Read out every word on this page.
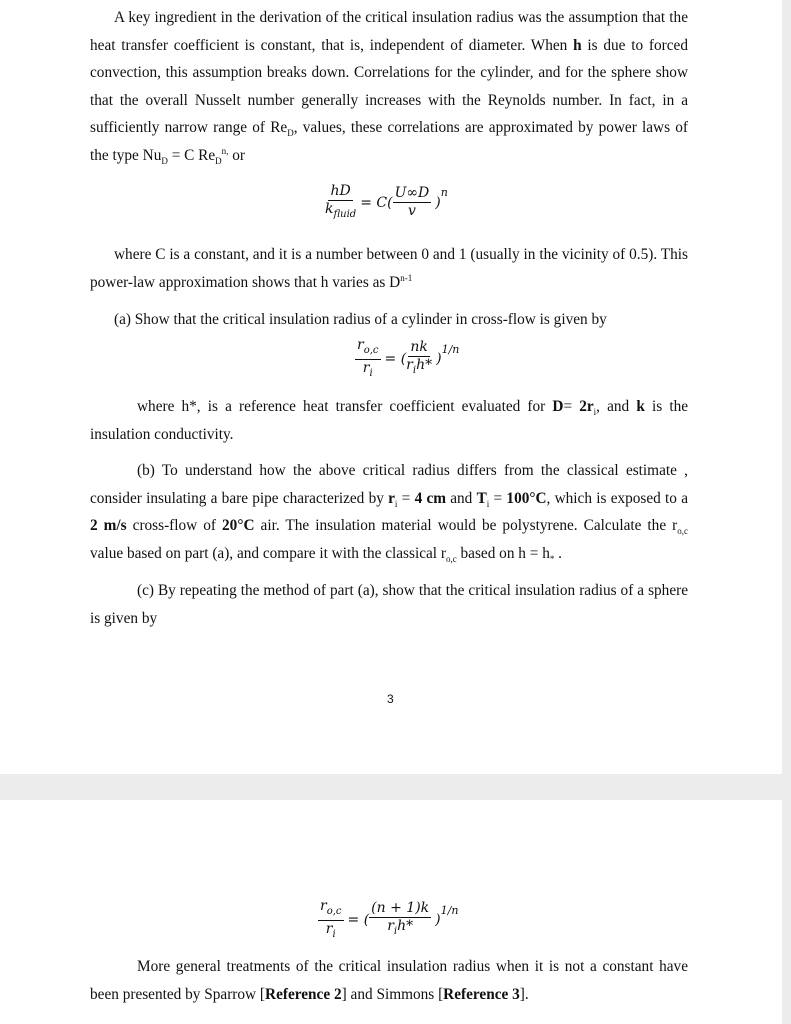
A key ingredient in the derivation of the critical insulation radius was the assumption that the heat transfer coefficient is constant, that is, independent of diameter. When h is due to forced convection, this assumption breaks down. Correlations for the cylinder, and for the sphere show that the overall Nusselt number generally increases with the Reynolds number. In fact, in a sufficiently narrow range of $Re_D$, values, these correlations are approximated by power laws of the type $Nu_D = C$ $Re_D^{n,}$ or

$\frac{hD}{k_{fluid}} = C( \frac{U\infty D}{v}$ )
n

where C is a constant, and it is a number between 0 and 1 (usually in the vicinity of 0.5). This power-law approximation shows that h varies as $D^{n-1}$

(a) Show that the critical insulation radius of a cylinder in cross-flow is given by

$\frac{r_{o,c}}{r_i}$ = ( $\frac{nk}{r_ih*}$ )
1/n

where h*, is a reference heat transfer coefficient evaluated for $D= 2r_i$, and k is the insulation conductivity.

(b) To understand how the above critical radius differs from the classical estimate , consider insulating a bare pipe characterized by $r_i = 4$ cm and $T_i = 100^\circ C$, which is exposed to a 2 m/s cross-flow of 20°C air. The insulation material would be polystyrene. Calculate the $r_{o,c}$ value based on part (a), and compare it with the classical $r_{o,c}$ based on $h = h_*$ .

(c) By repeating the method of part (a), show that the critical insulation radius of a sphere is given by

3
$\frac{r_{o,c}}{r_i}$ = ( $\frac{(n + 1)k}{r_ih*}$ )
1/n

More general treatments of the critical insulation radius when it is not a constant have been presented by Sparrow [Reference 2] and Simmons [Reference 3].
